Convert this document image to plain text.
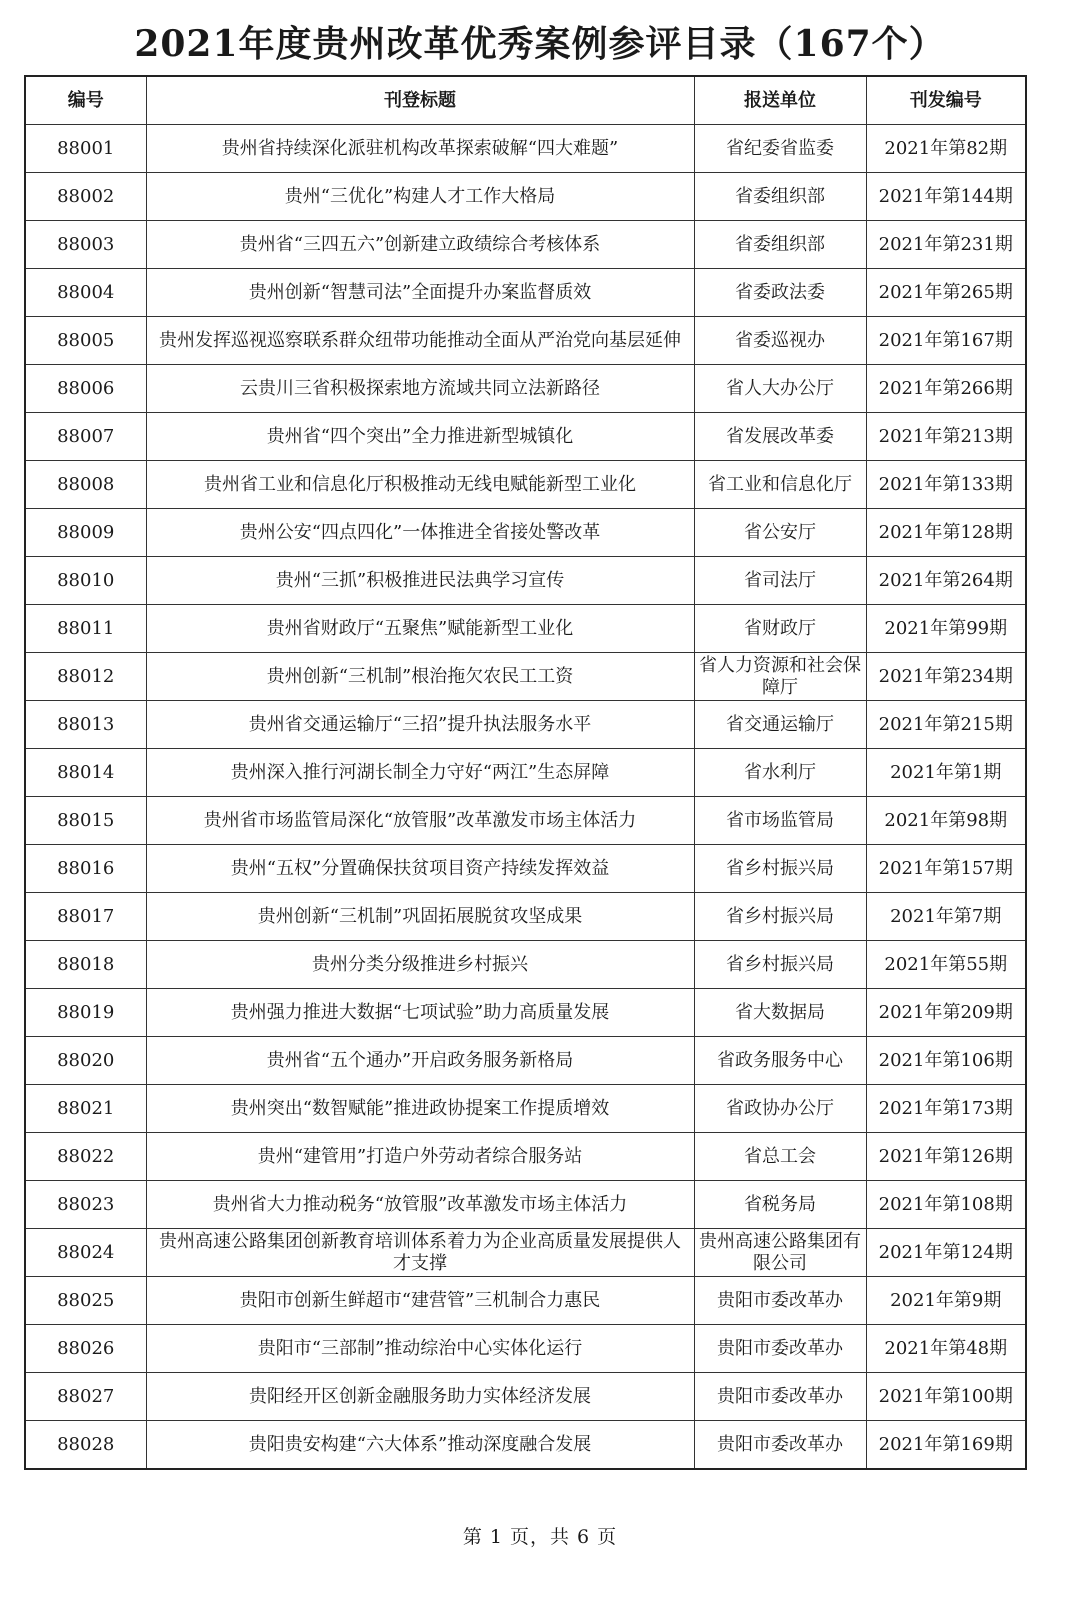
2021年度贵州改革优秀案例参评目录（167个）
编号	刊登标题	报送单位	刊发编号
88001	贵州省持续深化派驻机构改革探索破解“四大难题”	省纪委省监委	2021年第82期
88002	贵州“三优化”构建人才工作大格局	省委组织部	2021年第144期
88003	贵州省“三四五六”创新建立政绩综合考核体系	省委组织部	2021年第231期
88004	贵州创新“智慧司法”全面提升办案监督质效	省委政法委	2021年第265期
88005	贵州发挥巡视巡察联系群众纽带功能推动全面从严治党向基层延伸	省委巡视办	2021年第167期
88006	云贵川三省积极探索地方流域共同立法新路径	省人大办公厅	2021年第266期
88007	贵州省“四个突出”全力推进新型城镇化	省发展改革委	2021年第213期
88008	贵州省工业和信息化厅积极推动无线电赋能新型工业化	省工业和信息化厅	2021年第133期
88009	贵州公安“四点四化”一体推进全省接处警改革	省公安厅	2021年第128期
88010	贵州“三抓”积极推进民法典学习宣传	省司法厅	2021年第264期
88011	贵州省财政厅“五聚焦”赋能新型工业化	省财政厅	2021年第99期
88012	贵州创新“三机制”根治拖欠农民工工资	省人力资源和社会保障厅	2021年第234期
88013	贵州省交通运输厅“三招”提升执法服务水平	省交通运输厅	2021年第215期
88014	贵州深入推行河湖长制全力守好“两江”生态屏障	省水利厅	2021年第1期
88015	贵州省市场监管局深化“放管服”改革激发市场主体活力	省市场监管局	2021年第98期
88016	贵州“五权”分置确保扶贫项目资产持续发挥效益	省乡村振兴局	2021年第157期
88017	贵州创新“三机制”巩固拓展脱贫攻坚成果	省乡村振兴局	2021年第7期
88018	贵州分类分级推进乡村振兴	省乡村振兴局	2021年第55期
88019	贵州强力推进大数据“七项试验”助力高质量发展	省大数据局	2021年第209期
88020	贵州省“五个通办”开启政务服务新格局	省政务服务中心	2021年第106期
88021	贵州突出“数智赋能”推进政协提案工作提质增效	省政协办公厅	2021年第173期
88022	贵州“建管用”打造户外劳动者综合服务站	省总工会	2021年第126期
88023	贵州省大力推动税务“放管服”改革激发市场主体活力	省税务局	2021年第108期
88024	贵州高速公路集团创新教育培训体系着力为企业高质量发展提供人才支撑	贵州高速公路集团有限公司	2021年第124期
88025	贵阳市创新生鲜超市“建营管”三机制合力惠民	贵阳市委改革办	2021年第9期
88026	贵阳市“三部制”推动综治中心实体化运行	贵阳市委改革办	2021年第48期
88027	贵阳经开区创新金融服务助力实体经济发展	贵阳市委改革办	2021年第100期
88028	贵阳贵安构建“六大体系”推动深度融合发展	贵阳市委改革办	2021年第169期
第 1 页，共 6 页
